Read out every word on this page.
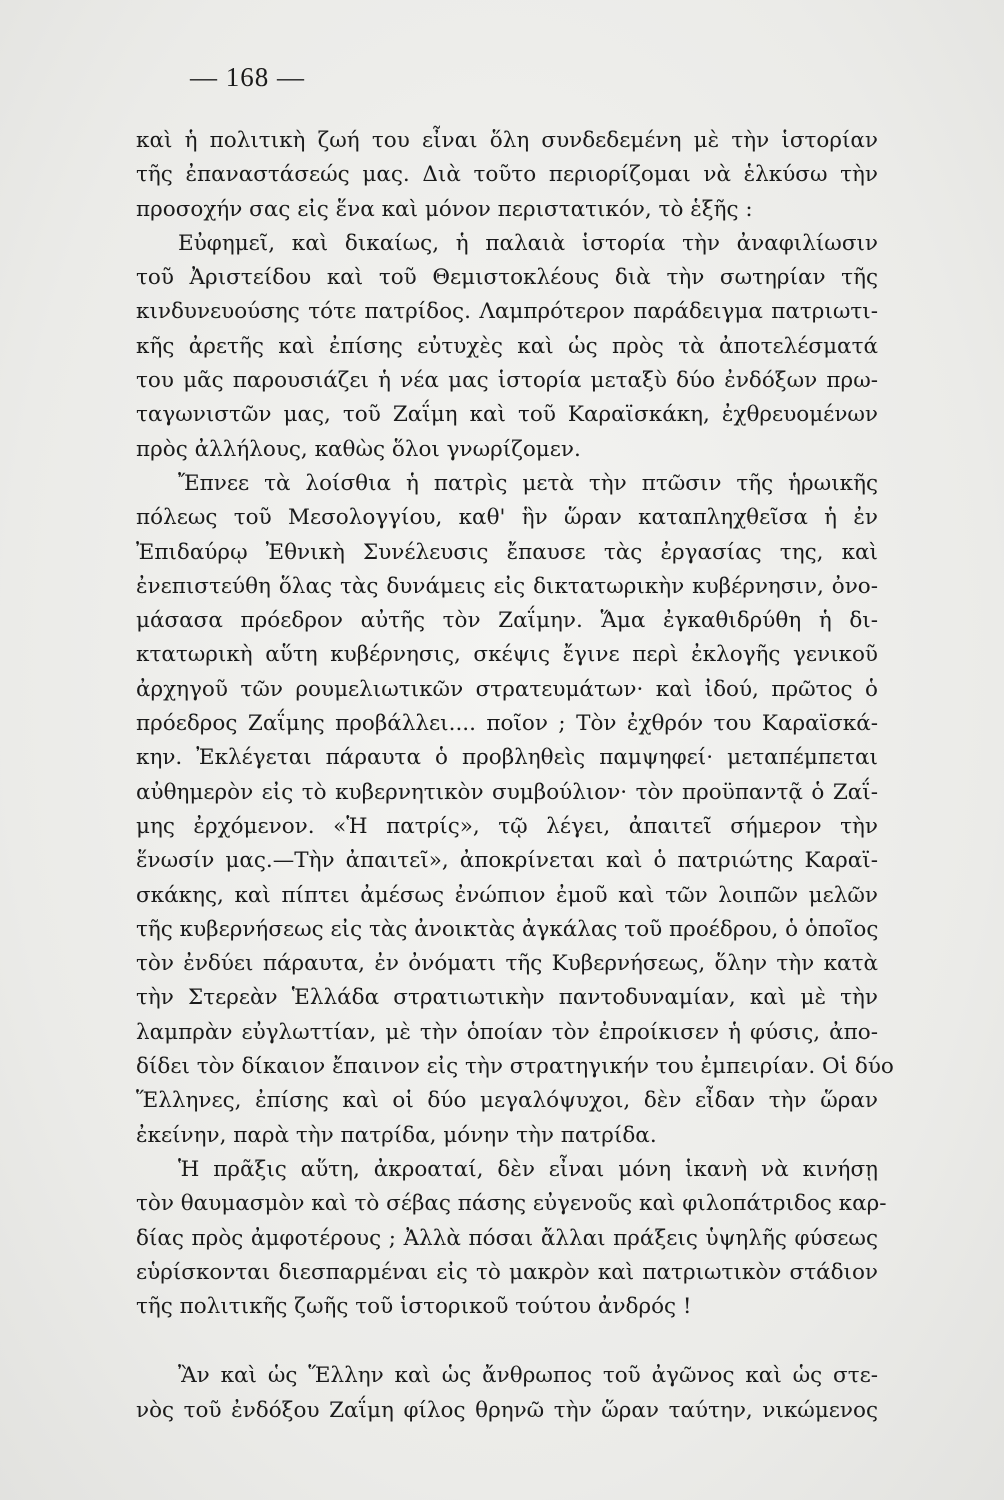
— 168 —
καὶ ἡ πολιτικὴ ζωή του εἶναι ὅλη συνδεδεμένη μὲ τὴν ἱστορίαν
τῆς ἐπαναστάσεώς μας. Διὰ τοῦτο περιορίζομαι νὰ ἑλκύσω τὴν
προσοχήν σας εἰς ἕνα καὶ μόνον περιστατικόν, τὸ ἑξῆς :
Εὐφημεῖ, καὶ δικαίως, ἡ παλαιὰ ἱστορία τὴν ἀναφιλίωσιν
τοῦ Ἀριστείδου καὶ τοῦ Θεμιστοκλέους διὰ τὴν σωτηρίαν τῆς
κινδυνευούσης τότε πατρίδος. Λαμπρότερον παράδειγμα πατριωτι-
κῆς ἀρετῆς καὶ ἐπίσης εὐτυχὲς καὶ ὡς πρὸς τὰ ἀποτελέσματά
του μᾶς παρουσιάζει ἡ νέα μας ἱστορία μεταξὺ δύο ἐνδόξων πρω-
ταγωνιστῶν μας, τοῦ Ζαΐμη καὶ τοῦ Καραϊσκάκη, ἐχθρευομένων
πρὸς ἀλλήλους, καθὼς ὅλοι γνωρίζομεν.
Ἔπνεε τὰ λοίσθια ἡ πατρὶς μετὰ τὴν πτῶσιν τῆς ἡρωικῆς
πόλεως τοῦ Μεσολογγίου, καθ' ἣν ὥραν καταπληχθεῖσα ἡ ἐν
Ἐπιδαύρῳ Ἐθνικὴ Συνέλευσις ἔπαυσε τὰς ἐργασίας της, καὶ
ἐνεπιστεύθη ὅλας τὰς δυνάμεις εἰς δικτατωρικὴν κυβέρνησιν, ὀνο-
μάσασα πρόεδρον αὐτῆς τὸν Ζαΐμην. Ἅμα ἐγκαθιδρύθη ἡ δι-
κτατωρικὴ αὕτη κυβέρνησις, σκέψις ἔγινε περὶ ἐκλογῆς γενικοῦ
ἀρχηγοῦ τῶν ρουμελιωτικῶν στρατευμάτων· καὶ ἰδού, πρῶτος ὁ
πρόεδρος Ζαΐμης προβάλλει.... ποῖον ; Τὸν ἐχθρόν του Καραϊσκά-
κην. Ἐκλέγεται πάραυτα ὁ προβληθεὶς παμψηφεί· μεταπέμπεται
αὐθημερὸν εἰς τὸ κυβερνητικὸν συμβούλιον· τὸν προϋπαντᾷ ὁ Ζαΐ-
μης ἐρχόμενον. «Ἡ πατρίς», τῷ λέγει, ἀπαιτεῖ σήμερον τὴν
ἕνωσίν μας.—Τὴν ἀπαιτεῖ», ἀποκρίνεται καὶ ὁ πατριώτης Καραϊ-
σκάκης, καὶ πίπτει ἀμέσως ἐνώπιον ἐμοῦ καὶ τῶν λοιπῶν μελῶν
τῆς κυβερνήσεως εἰς τὰς ἀνοικτὰς ἀγκάλας τοῦ προέδρου, ὁ ὁποῖος
τὸν ἐνδύει πάραυτα, ἐν ὀνόματι τῆς Κυβερνήσεως, ὅλην τὴν κατὰ
τὴν Στερεὰν Ἑλλάδα στρατιωτικὴν παντοδυναμίαν, καὶ μὲ τὴν
λαμπρὰν εὐγλωττίαν, μὲ τὴν ὁποίαν τὸν ἐπροίκισεν ἡ φύσις, ἀπο-
δίδει τὸν δίκαιον ἔπαινον εἰς τὴν στρατηγικήν του ἐμπειρίαν. Οἱ δύο
Ἕλληνες, ἐπίσης καὶ οἱ δύο μεγαλόψυχοι, δὲν εἶδαν τὴν ὥραν
ἐκείνην, παρὰ τὴν πατρίδα, μόνην τὴν πατρίδα.
Ἡ πρᾶξις αὕτη, ἀκροαταί, δὲν εἶναι μόνη ἱκανὴ νὰ κινήσῃ
τὸν θαυμασμὸν καὶ τὸ σέβας πάσης εὐγενοῦς καὶ φιλοπάτριδος καρ-
δίας πρὸς ἀμφοτέρους ; Ἀλλὰ πόσαι ἄλλαι πράξεις ὑψηλῆς φύσεως
εὑρίσκονται διεσπαρμέναι εἰς τὸ μακρὸν καὶ πατριωτικὸν στάδιον
τῆς πολιτικῆς ζωῆς τοῦ ἱστορικοῦ τούτου ἀνδρός !
Ἂν καὶ ὡς Ἕλλην καὶ ὡς ἄνθρωπος τοῦ ἀγῶνος καὶ ὡς στε-
νὸς τοῦ ἐνδόξου Ζαΐμη φίλος θρηνῶ τὴν ὥραν ταύτην, νικώμενος
